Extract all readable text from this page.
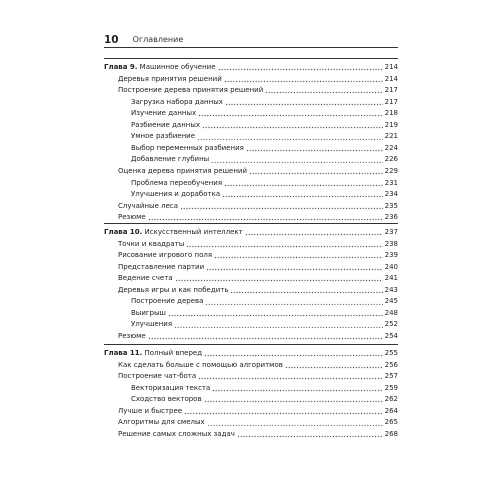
10 Оглавление
Глава 9. Машинное обучение	214
Деревья принятия решений	214
Построение дерева принятия решений	217
Загрузка набора данных	217
Изучение данных	218
Разбиение данных	219
Умное разбиение	221
Выбор переменных разбиения	224
Добавление глубины	226
Оценка дерева принятия решений	229
Проблема переобучения	231
Улучшения и доработка	234
Случайные леса	235
Резюме	236
Глава 10. Искусственный интеллект	237
Точки и квадраты	238
Рисование игрового поля	239
Представление партии	240
Ведение счета	241
Деревья игры и как победить	243
Построение дерева	245
Выигрыш	248
Улучшения	252
Резюме	254
Глава 11. Полный вперед	255
Как сделать больше с помощью алгоритмов	256
Построение чат-бота	257
Векторизация текста	259
Сходство векторов	262
Лучше и быстрее	264
Алгоритмы для смелых	265
Решение самых сложных задач	268
